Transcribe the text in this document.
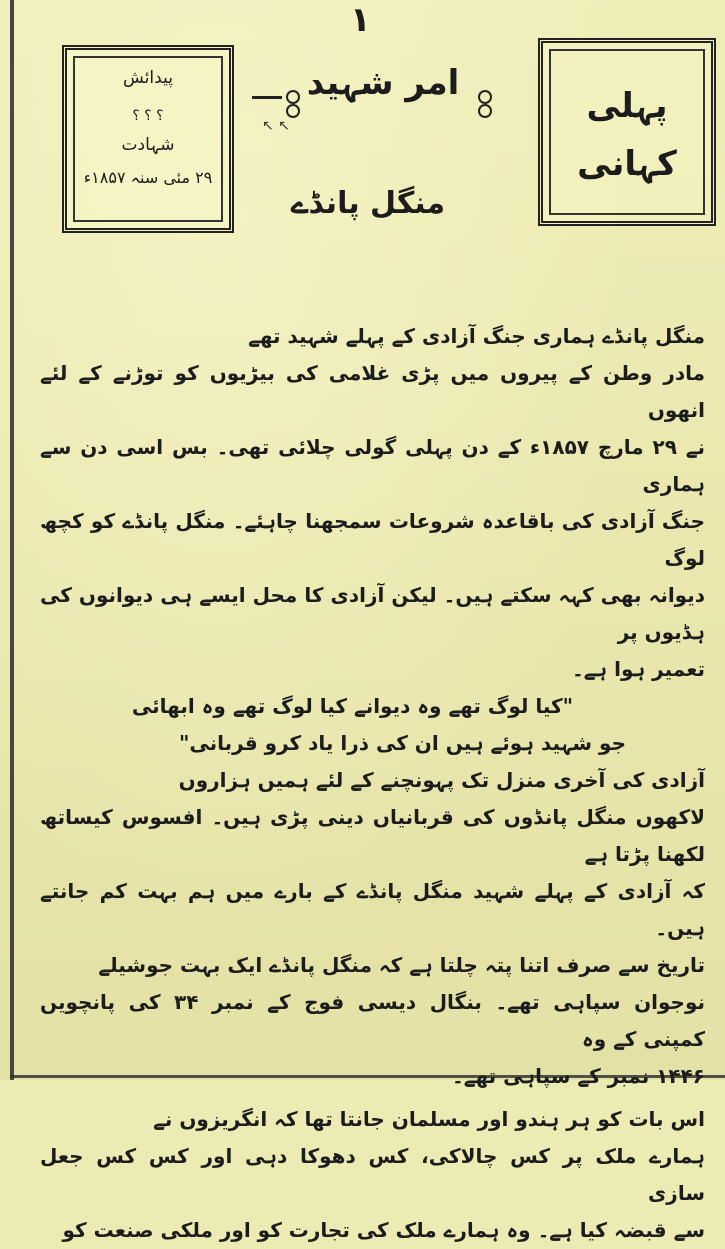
۱
پیدائش
؟ ؟ ؟
شہادت
۲۹ مئی سنہ ۱۸۵۷ء
پہلی
کہانی
امر شہید
↖ ↖
منگل پانڈے

منگل پانڈے ہماری جنگ آزادی کے پہلے شہید تھے

مادر وطن کے پیروں میں پڑی غلامی کی بیڑیوں کو توڑنے کے لئے انھوں

نے ۲۹ مارچ ۱۸۵۷ء کے دن پہلی گولی چلائی تھی۔ بس اسی دن سے ہماری

جنگ آزادی کی باقاعدہ شروعات سمجھنا چاہئے۔ منگل پانڈے کو کچھ لوگ

دیوانہ بھی کہہ سکتے ہیں۔ لیکن آزادی کا محل ایسے ہی دیوانوں کی ہڈیوں پر

تعمیر ہوا ہے۔

"کیا لوگ تھے وہ دیوانے کیا لوگ تھے وہ ابھائی

جو شہید ہوئے ہیں ان کی ذرا یاد کرو قربانی"

آزادی کی آخری منزل تک پہونچنے کے لئے ہمیں ہزاروں

لاکھوں منگل پانڈوں کی قربانیاں دینی پڑی ہیں۔ افسوس کیساتھ لکھنا پڑتا ہے

کہ آزادی کے پہلے شہید منگل پانڈے کے بارے میں ہم بہت کم جانتے ہیں۔

تاریخ سے صرف اتنا پتہ چلتا ہے کہ منگل پانڈے ایک بہت جوشیلے

نوجوان سپاہی تھے۔ بنگال دیسی فوج کے نمبر ۳۴ کی پانچویں کمپنی کے وہ

۱۴۴۶ نمبر کے سپاہی تھے۔

اس بات کو ہر ہندو اور مسلمان جانتا تھا کہ انگریزوں نے

ہمارے ملک پر کس چالاکی، کس دھوکا دہی اور کس کس جعل سازی

سے قبضہ کیا ہے۔ وہ ہمارے ملک کی تجارت کو اور ملکی صنعت کو
